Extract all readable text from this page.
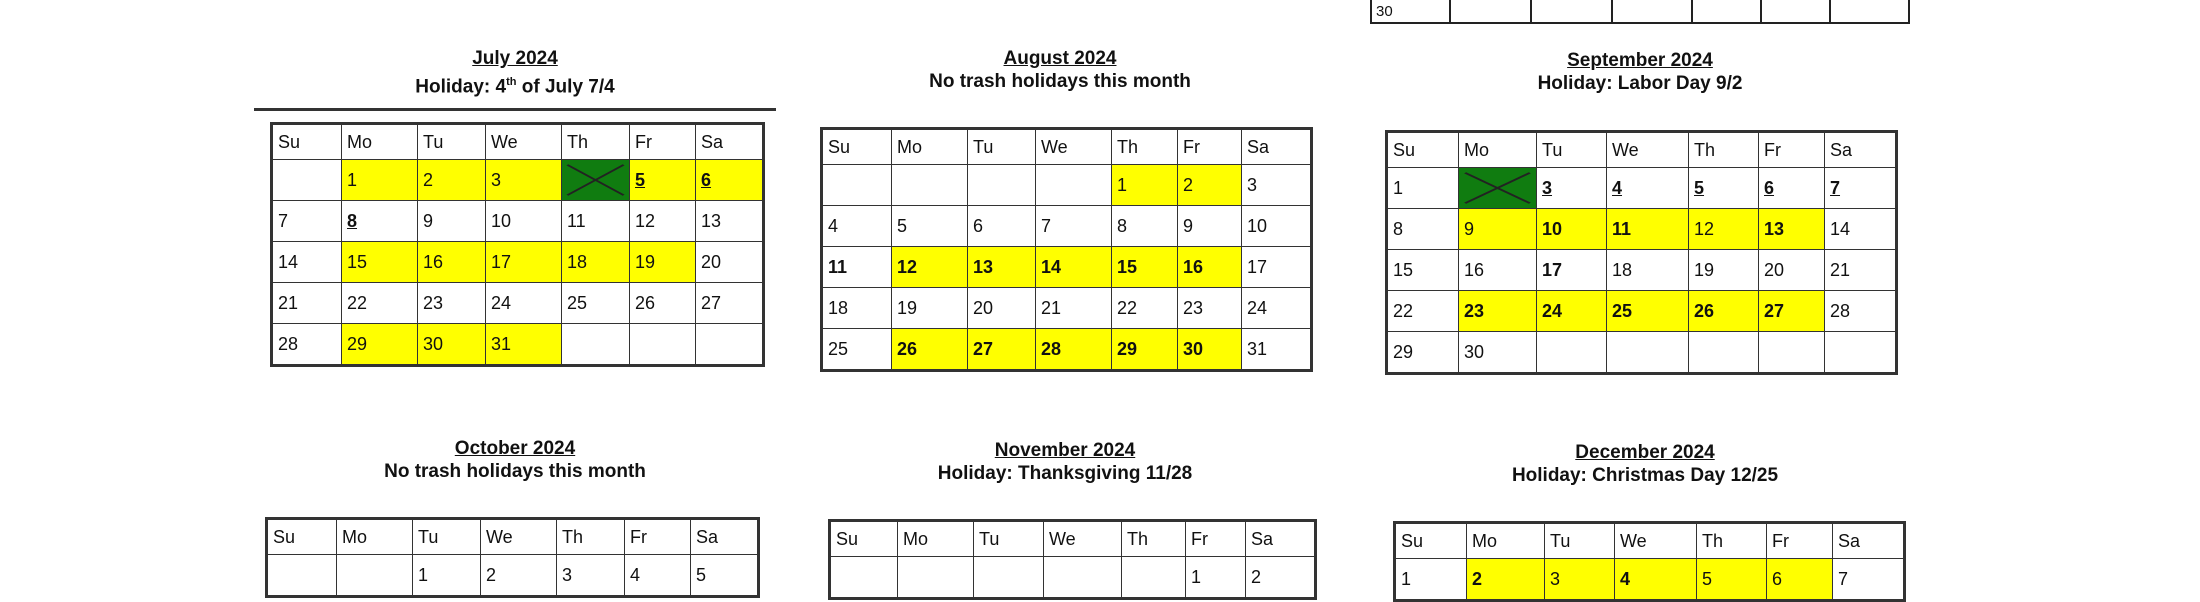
30						
July 2024
Holiday: 4th of July 7/4
August 2024
No trash holidays this month
September 2024
Holiday: Labor Day 9/2
October 2024
No trash holidays this month
November 2024
Holiday: Thanksgiving 11/28
December 2024
Holiday: Christmas Day 12/25
Su	Mo	Tu	We	Th	Fr	Sa
	1	2	3		5	6
7	8	9	10	11	12	13
14	15	16	17	18	19	20
21	22	23	24	25	26	27
28	29	30	31			
Su	Mo	Tu	We	Th	Fr	Sa
				1	2	3
4	5	6	7	8	9	10
11	12	13	14	15	16	17
18	19	20	21	22	23	24
25	26	27	28	29	30	31
Su	Mo	Tu	We	Th	Fr	Sa
1		3	4	5	6	7
8	9	10	11	12	13	14
15	16	17	18	19	20	21
22	23	24	25	26	27	28
29	30					
Su	Mo	Tu	We	Th	Fr	Sa
		1	2	3	4	5
Su	Mo	Tu	We	Th	Fr	Sa
					1	2
Su	Mo	Tu	We	Th	Fr	Sa
1	2	3	4	5	6	7
